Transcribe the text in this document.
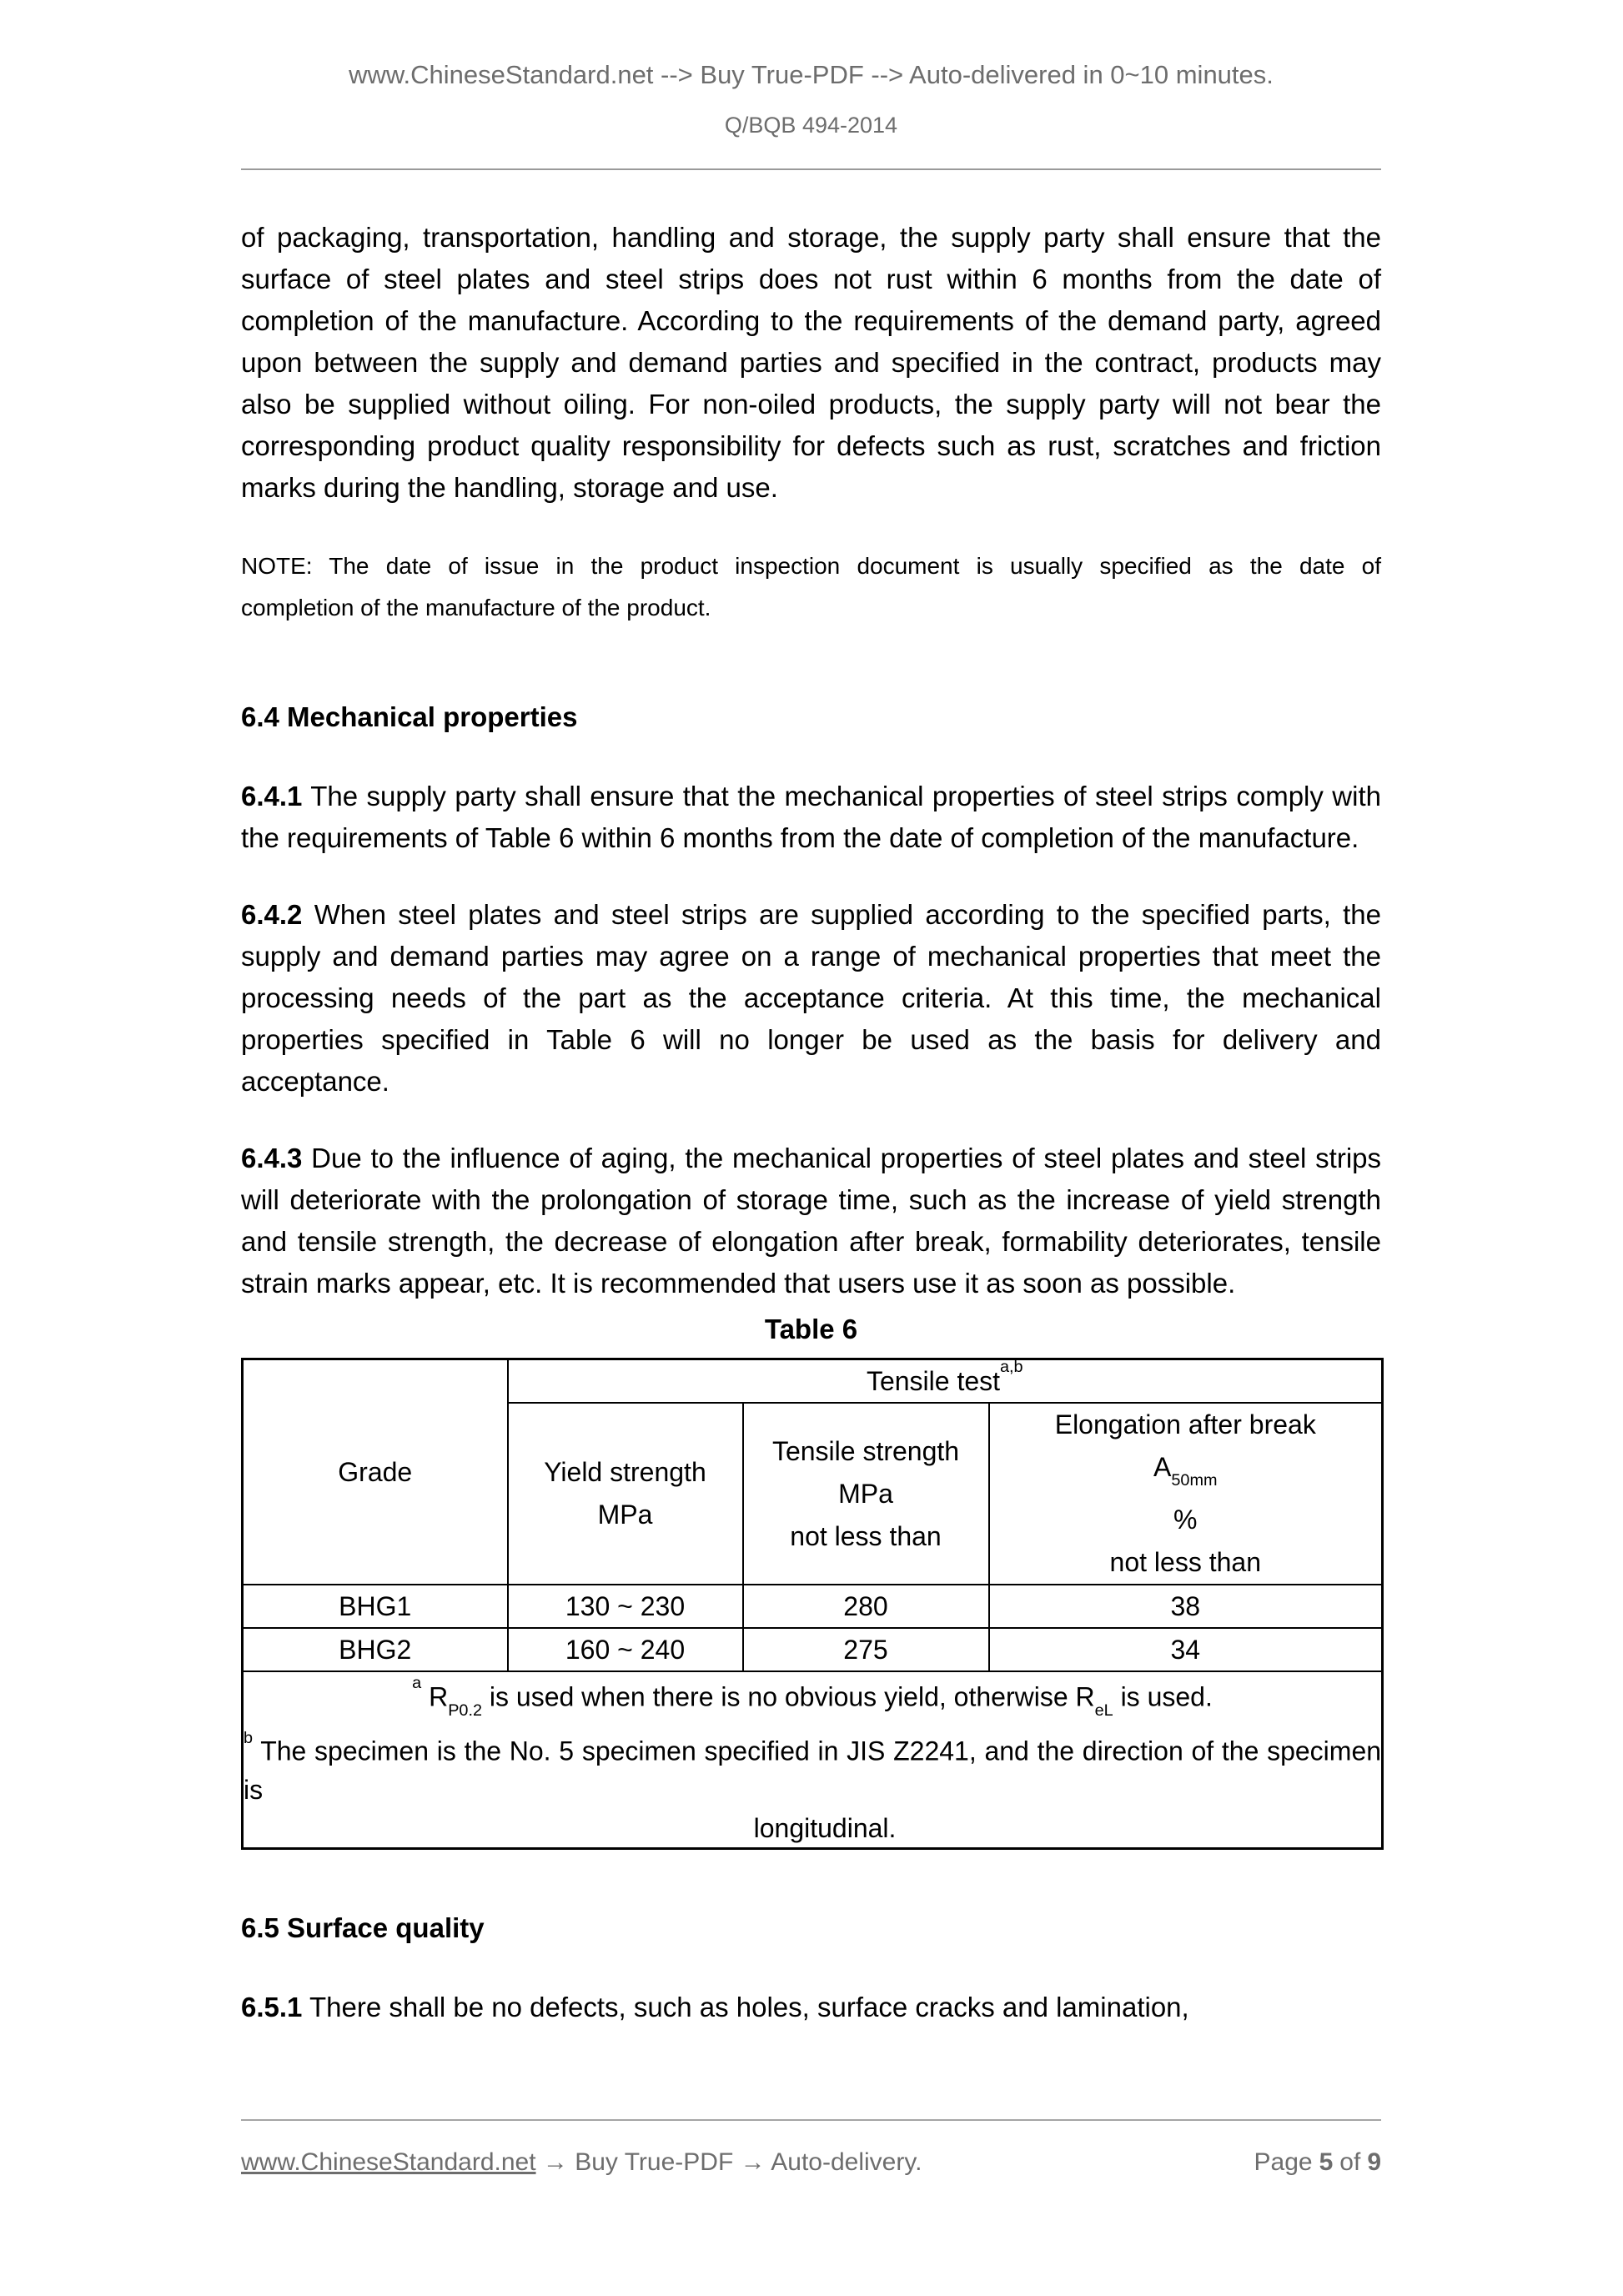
www.ChineseStandard.net --> Buy True-PDF --> Auto-delivered in 0~10 minutes.
Q/BQB 494-2014

of packaging, transportation, handling and storage, the supply party shall ensure that the surface of steel plates and steel strips does not rust within 6 months from the date of completion of the manufacture. According to the requirements of the demand party, agreed upon between the supply and demand parties and specified in the contract, products may also be supplied without oiling. For non-oiled products, the supply party will not bear the corresponding product quality responsibility for defects such as rust, scratches and friction marks during the handling, storage and use.

NOTE: The date of issue in the product inspection document is usually specified as the date of
completion of the manufacture of the product.
6.4 Mechanical properties

6.4.1 The supply party shall ensure that the mechanical properties of steel strips comply with the requirements of Table 6 within 6 months from the date of completion of the manufacture.

6.4.2 When steel plates and steel strips are supplied according to the specified parts, the supply and demand parties may agree on a range of mechanical properties that meet the processing needs of the part as the acceptance criteria. At this time, the mechanical properties specified in Table 6 will no longer be used as the basis for delivery and acceptance.

6.4.3 Due to the influence of aging, the mechanical properties of steel plates and steel strips will deteriorate with the prolongation of storage time, such as the increase of yield strength and tensile strength, the decrease of elongation after break, formability deteriorates, tensile strain marks appear, etc. It is recommended that users use it as soon as possible.

Table 6
Grade	Tensile test$^{a,b}$

Yield strength
MPa

Tensile strength
MPa
not less than

Elongation after break
$A_{50mm}$
%
not less than

BHG1	130 ~ 230	280	38
BHG2	160 ~ 240	275	34

$^a$ $R_{P0.2}$ is used when there is no obvious yield, otherwise $R_{eL}$ is used.
$^b$ The specimen is the No. 5 specimen specified in JIS Z2241, and the direction of the specimen is
longitudinal.			
6.5 Surface quality

6.5.1 There shall be no defects, such as holes, surface cracks and lamination,

www.ChineseStandard.net → Buy True-PDF → Auto-delivery.	Page 5 of 9
